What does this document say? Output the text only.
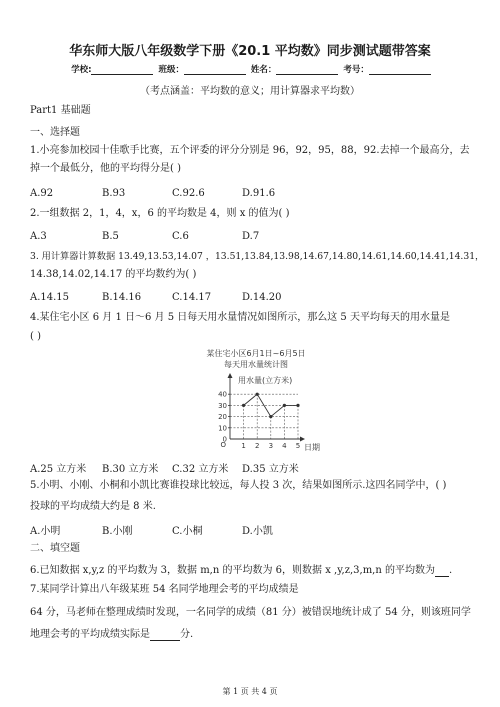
华东师大版八年级数学下册《20.1 平均数》同步测试题带答案
学校:	班级：	姓名：	考号：
（考点涵盖：平均数的意义；用计算器求平均数）
Part1 基础题
一、选择题
1.小亮参加校园十佳歌手比赛，五个评委的评分分别是 96，92，95，88，92.去掉一个最高分，去
掉一个最低分，他的平均得分是( )
A.92	B.93	C.92.6	D.91.6
2.一组数据 2，1，4，x，6 的平均数是 4，则 x 的值为( )
A.3	B.5	C.6	D.7
3. 用计算器计算数据 13.49,13.53,14.07 ，13.51,13.84,13.98,14.67,14.80,14.61,14.60,14.41,14.31，
14.38,14.02,14.17 的平均数约为( )
A.14.15	B.14.16	C.14.17	D.14.20
4.某住宅小区 6 月 1 日～6 月 5 日每天用水量情况如图所示，那么这 5 天平均每天的用水量是
( )
某住宅小区6月1日~6月5日
每天用水量统计图
用水量(立方米)
日期
O
0
10
20
30
40
1 2 3 4 5
A.25 立方米 B.30 立方米 C.32 立方米 D.35 立方米
5.小明、小刚、小桐和小凯比赛谁投球比较远，每人投 3 次，结果如图所示.这四名同学中，( )
投球的平均成绩大约是 8 米.
A.小明	B.小刚	C.小桐	D.小凯
二、填空题
6.已知数据 x,y,z 的平均数为 3，数据 m,n 的平均数为 6，则数据 x ,y,z,3,m,n 的平均数为 .
7.某同学计算出八年级某班 54 名同学地理会考的平均成绩是
64 分，马老师在整理成绩时发现，一名同学的成绩（81 分）被错误地统计成了 54 分，则该班同学
地理会考的平均成绩实际是	分.
第 1 页 共 4 页
